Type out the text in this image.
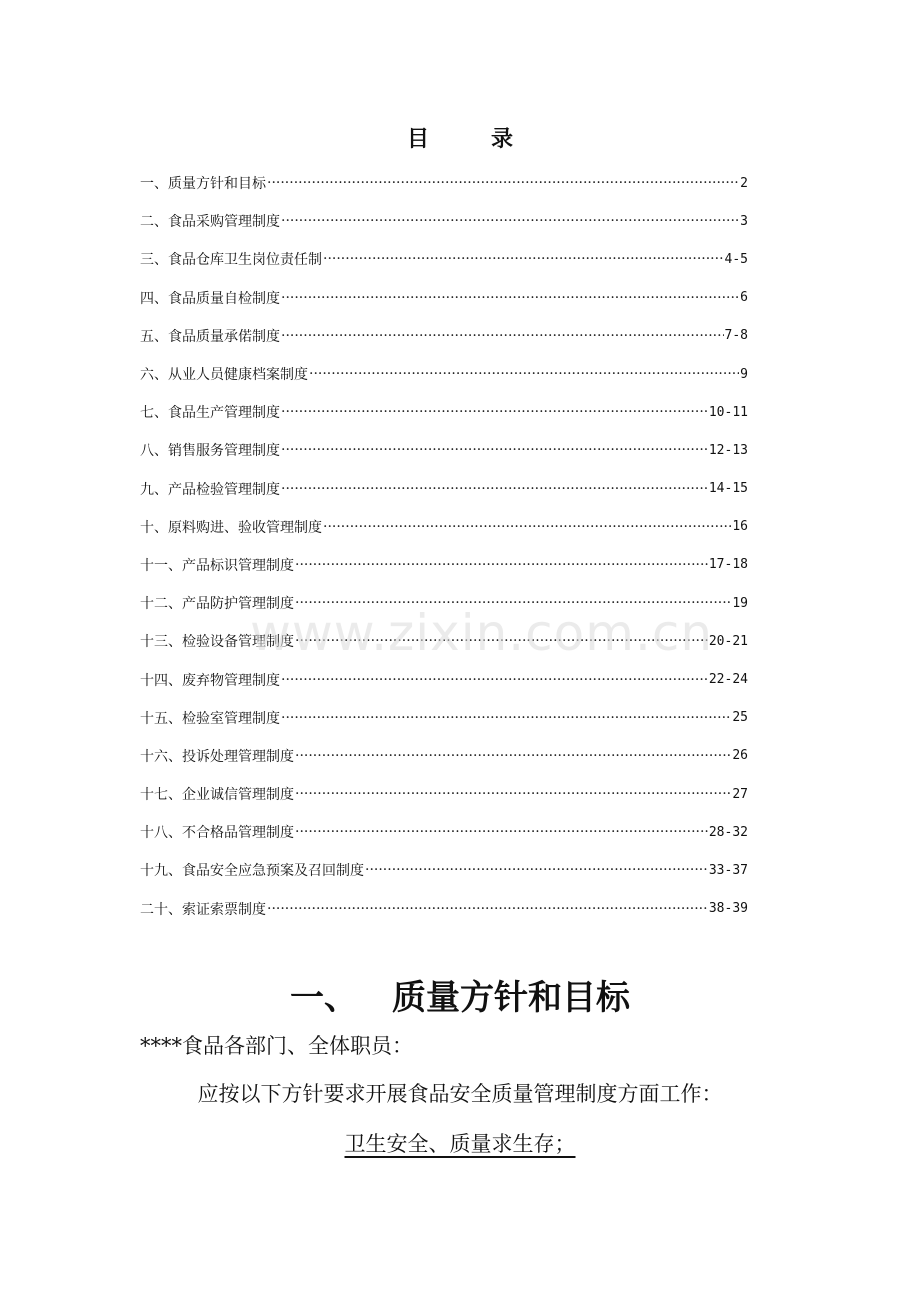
目录
一、质量方针和目标 ·····	2
二、食品采购管理制度 ·····	3
三、食品仓库卫生岗位责任制 ·····	4-5
四、食品质量自检制度 ·····	6
五、食品质量承偌制度 ·····	7-8
六、从业人员健康档案制度 ·····	9
七、食品生产管理制度 ·····	10-11
八、销售服务管理制度 ·····	12-13
九、产品检验管理制度 ·····	14-15
十、原料购进、验收管理制度 ·····	16
十一、产品标识管理制度 ·····	17-18
十二、产品防护管理制度 ·····	19
十三、检验设备管理制度 ·····	20-21
十四、废弃物管理制度 ·····	22-24
十五、检验室管理制度 ·····	25
十六、投诉处理管理制度 ·····	26
十七、企业诚信管理制度 ·····	27
十八、不合格品管理制度 ·····	28-32
十九、食品安全应急预案及召回制度 ·····	33-37
二十、索证索票制度 ·····	38-39
www.zixin.com.cn
一、 质量方针和目标
****食品各部门、全体职员：
应按以下方针要求开展食品安全质量管理制度方面工作：
卫生安全、质量求生存；
